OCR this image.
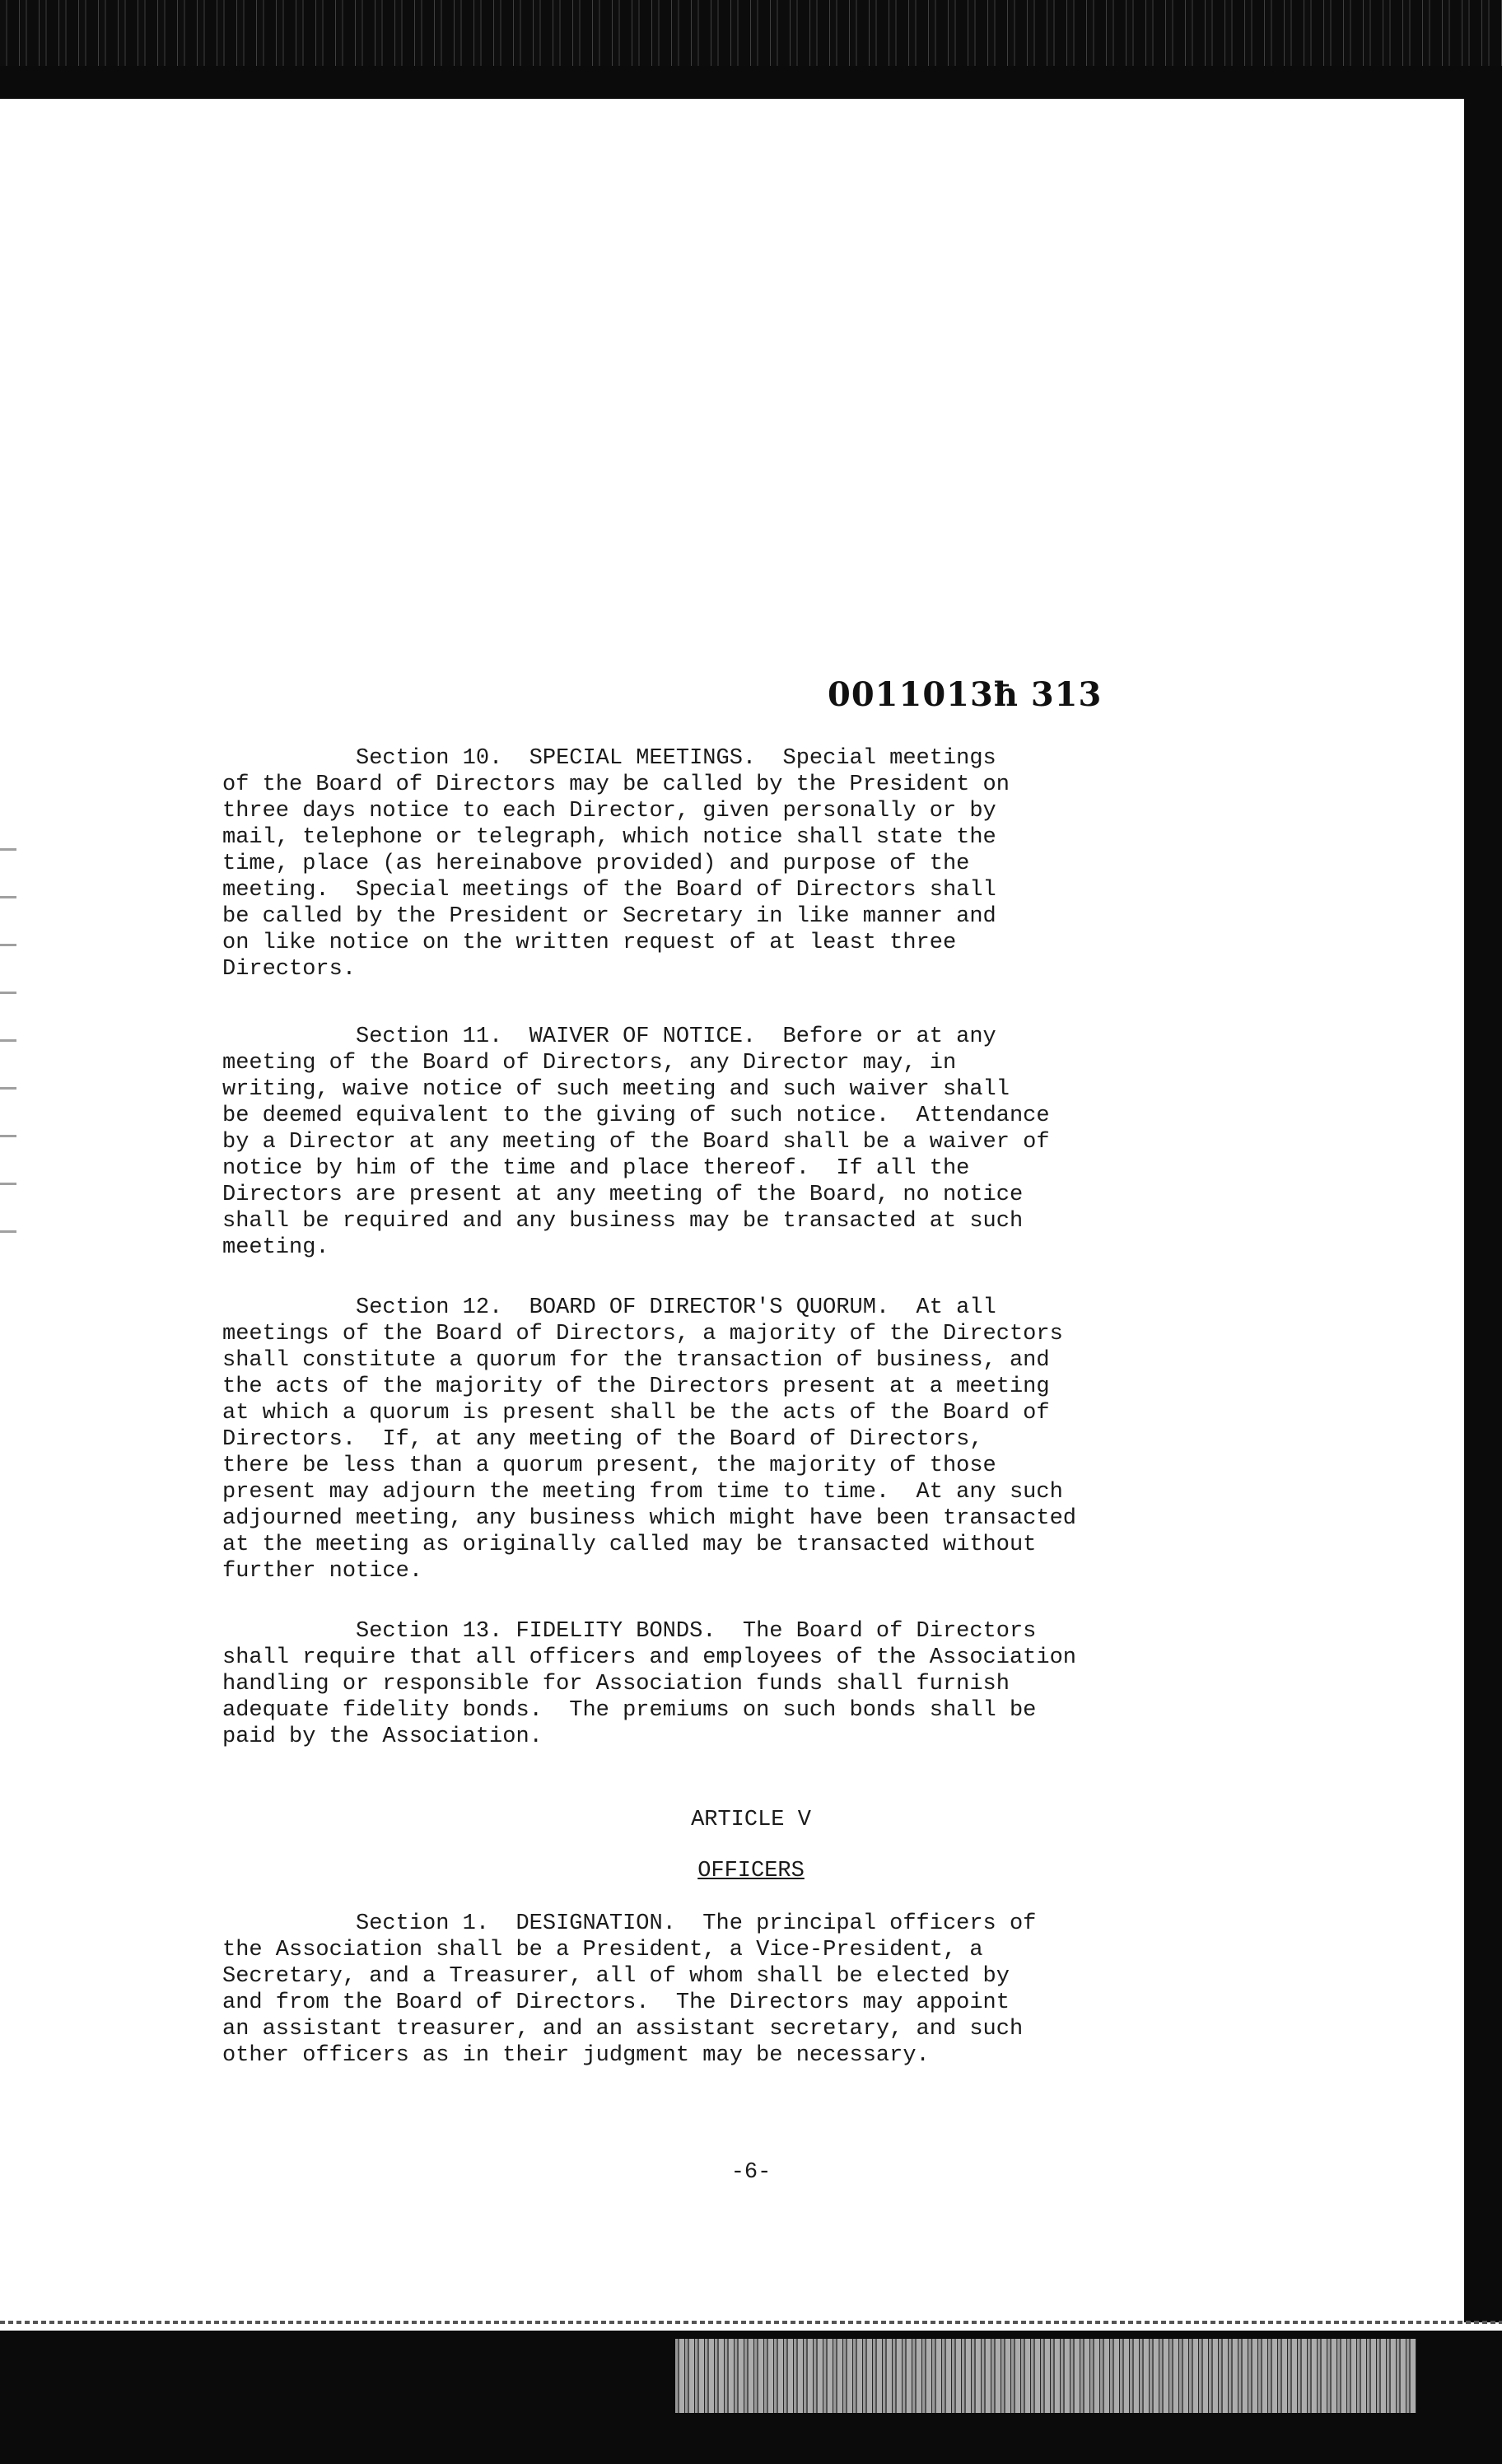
0011013ħ 313
Section 10.  SPECIAL MEETINGS.  Special meetings
of the Board of Directors may be called by the President on
three days notice to each Director, given personally or by
mail, telephone or telegraph, which notice shall state the
time, place (as hereinabove provided) and purpose of the
meeting.  Special meetings of the Board of Directors shall
be called by the President or Secretary in like manner and
on like notice on the written request of at least three
Directors.
Section 11.  WAIVER OF NOTICE.  Before or at any
meeting of the Board of Directors, any Director may, in
writing, waive notice of such meeting and such waiver shall
be deemed equivalent to the giving of such notice.  Attendance
by a Director at any meeting of the Board shall be a waiver of
notice by him of the time and place thereof.  If all the
Directors are present at any meeting of the Board, no notice
shall be required and any business may be transacted at such
meeting.
Section 12.  BOARD OF DIRECTOR'S QUORUM.  At all
meetings of the Board of Directors, a majority of the Directors
shall constitute a quorum for the transaction of business, and
the acts of the majority of the Directors present at a meeting
at which a quorum is present shall be the acts of the Board of
Directors.  If, at any meeting of the Board of Directors,
there be less than a quorum present, the majority of those
present may adjourn the meeting from time to time.  At any such
adjourned meeting, any business which might have been transacted
at the meeting as originally called may be transacted without
further notice.
Section 13. FIDELITY BONDS.  The Board of Directors
shall require that all officers and employees of the Association
handling or responsible for Association funds shall furnish
adequate fidelity bonds.  The premiums on such bonds shall be
paid by the Association.
ARTICLE V
OFFICERS
Section 1.  DESIGNATION.  The principal officers of
the Association shall be a President, a Vice-President, a
Secretary, and a Treasurer, all of whom shall be elected by
and from the Board of Directors.  The Directors may appoint
an assistant treasurer, and an assistant secretary, and such
other officers as in their judgment may be necessary.
-6-
